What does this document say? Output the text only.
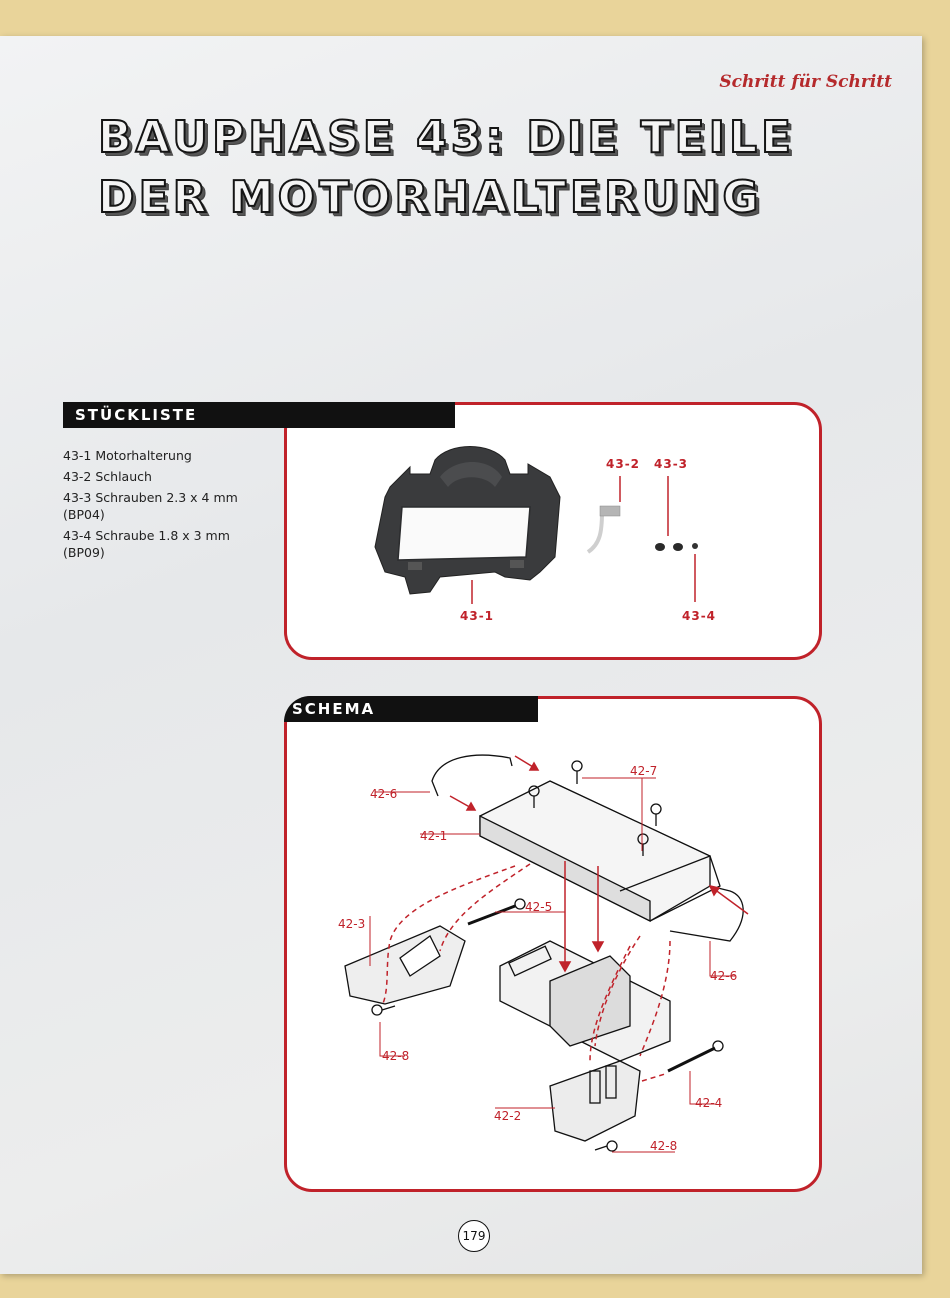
Schritt für Schritt
BAUPHASE 43: DIE TEILE
DER MOTORHALTERUNG
STÜCKLISTE
43-1 Motorhalterung
43-2 Schlauch
43-3 Schrauben 2.3 x 4 mm (BP04)
43-4 Schraube 1.8 x 3 mm (BP09)
43-1
43-2 43-3
43-4
SCHEMA
42-7
42-6
42-1
42-5
42-3
42-6
42-8
42-4
42-2
42-8
179
